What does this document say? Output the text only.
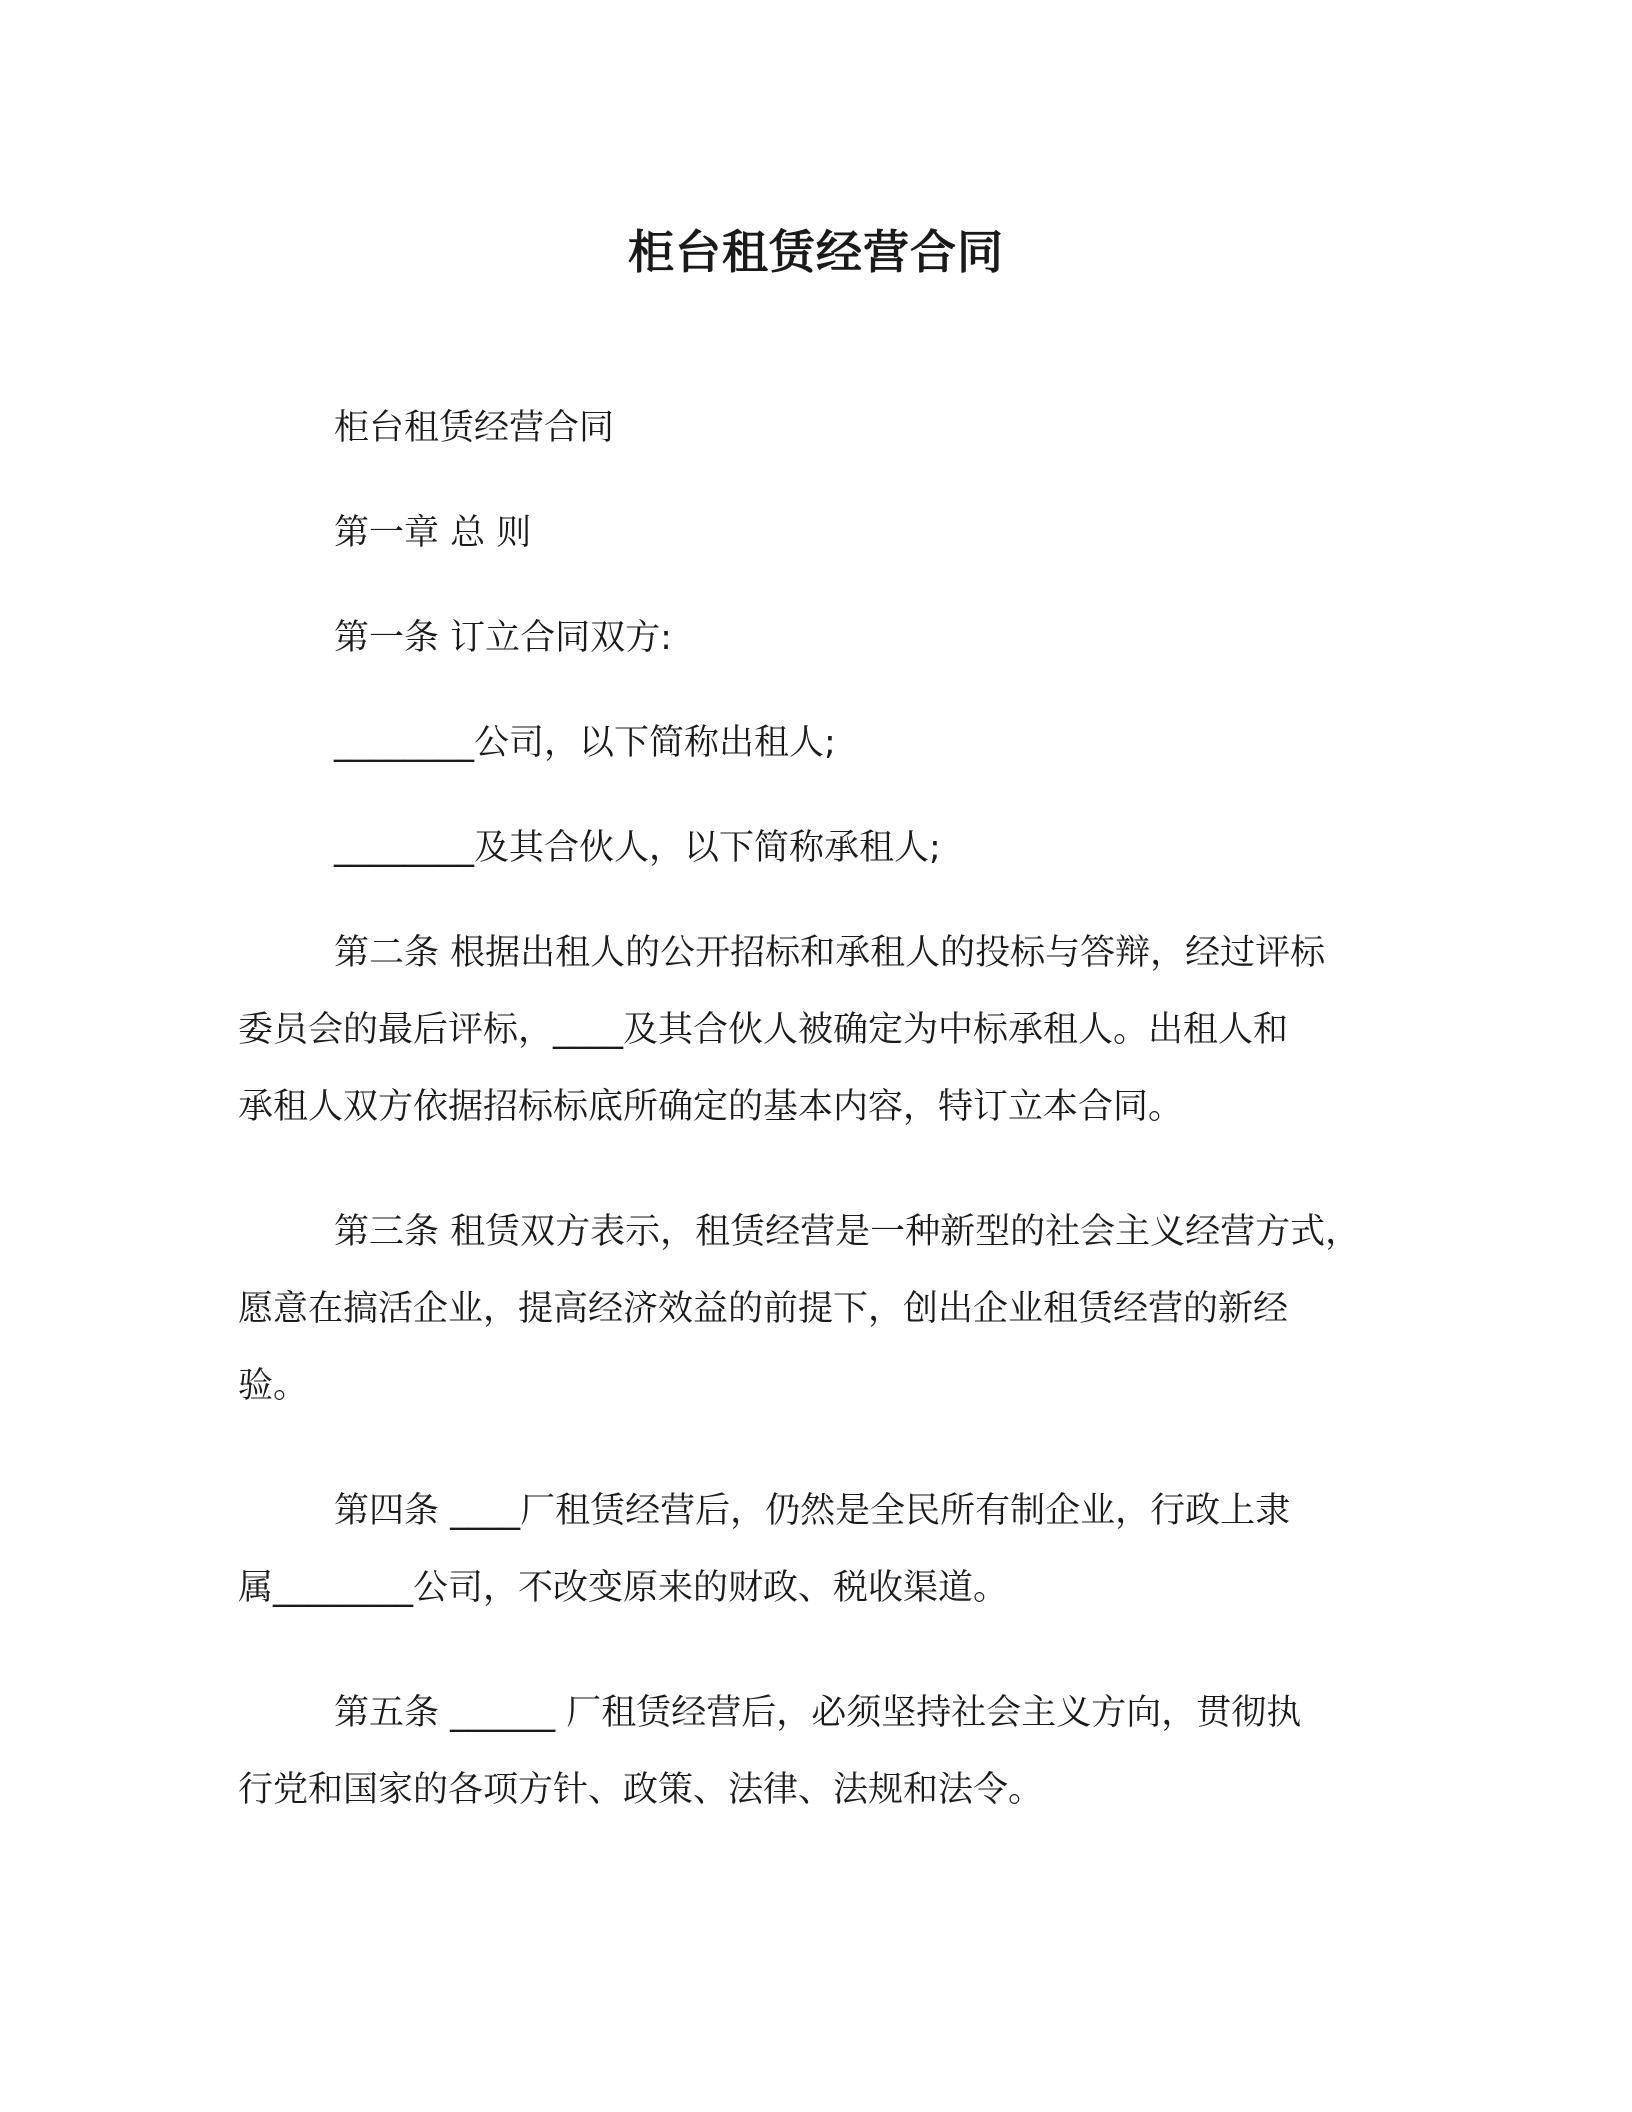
柜台租赁经营合同
柜台租赁经营合同
第一章 总 则
第一条 订立合同双方:
________公司，以下简称出租人;
________及其合伙人，以下简称承租人;
第二条 根据出租人的公开招标和承租人的投标与答辩，经过评标
委员会的最后评标，____及其合伙人被确定为中标承租人。出租人和
承租人双方依据招标标底所确定的基本内容，特订立本合同。
第三条 租赁双方表示，租赁经营是一种新型的社会主义经营方式，
愿意在搞活企业，提高经济效益的前提下，创出企业租赁经营的新经
验。
第四条 ____厂租赁经营后，仍然是全民所有制企业，行政上隶
属________公司，不改变原来的财政、税收渠道。
第五条 ______ 厂租赁经营后，必须坚持社会主义方向，贯彻执
行党和国家的各项方针、政策、法律、法规和法令。
